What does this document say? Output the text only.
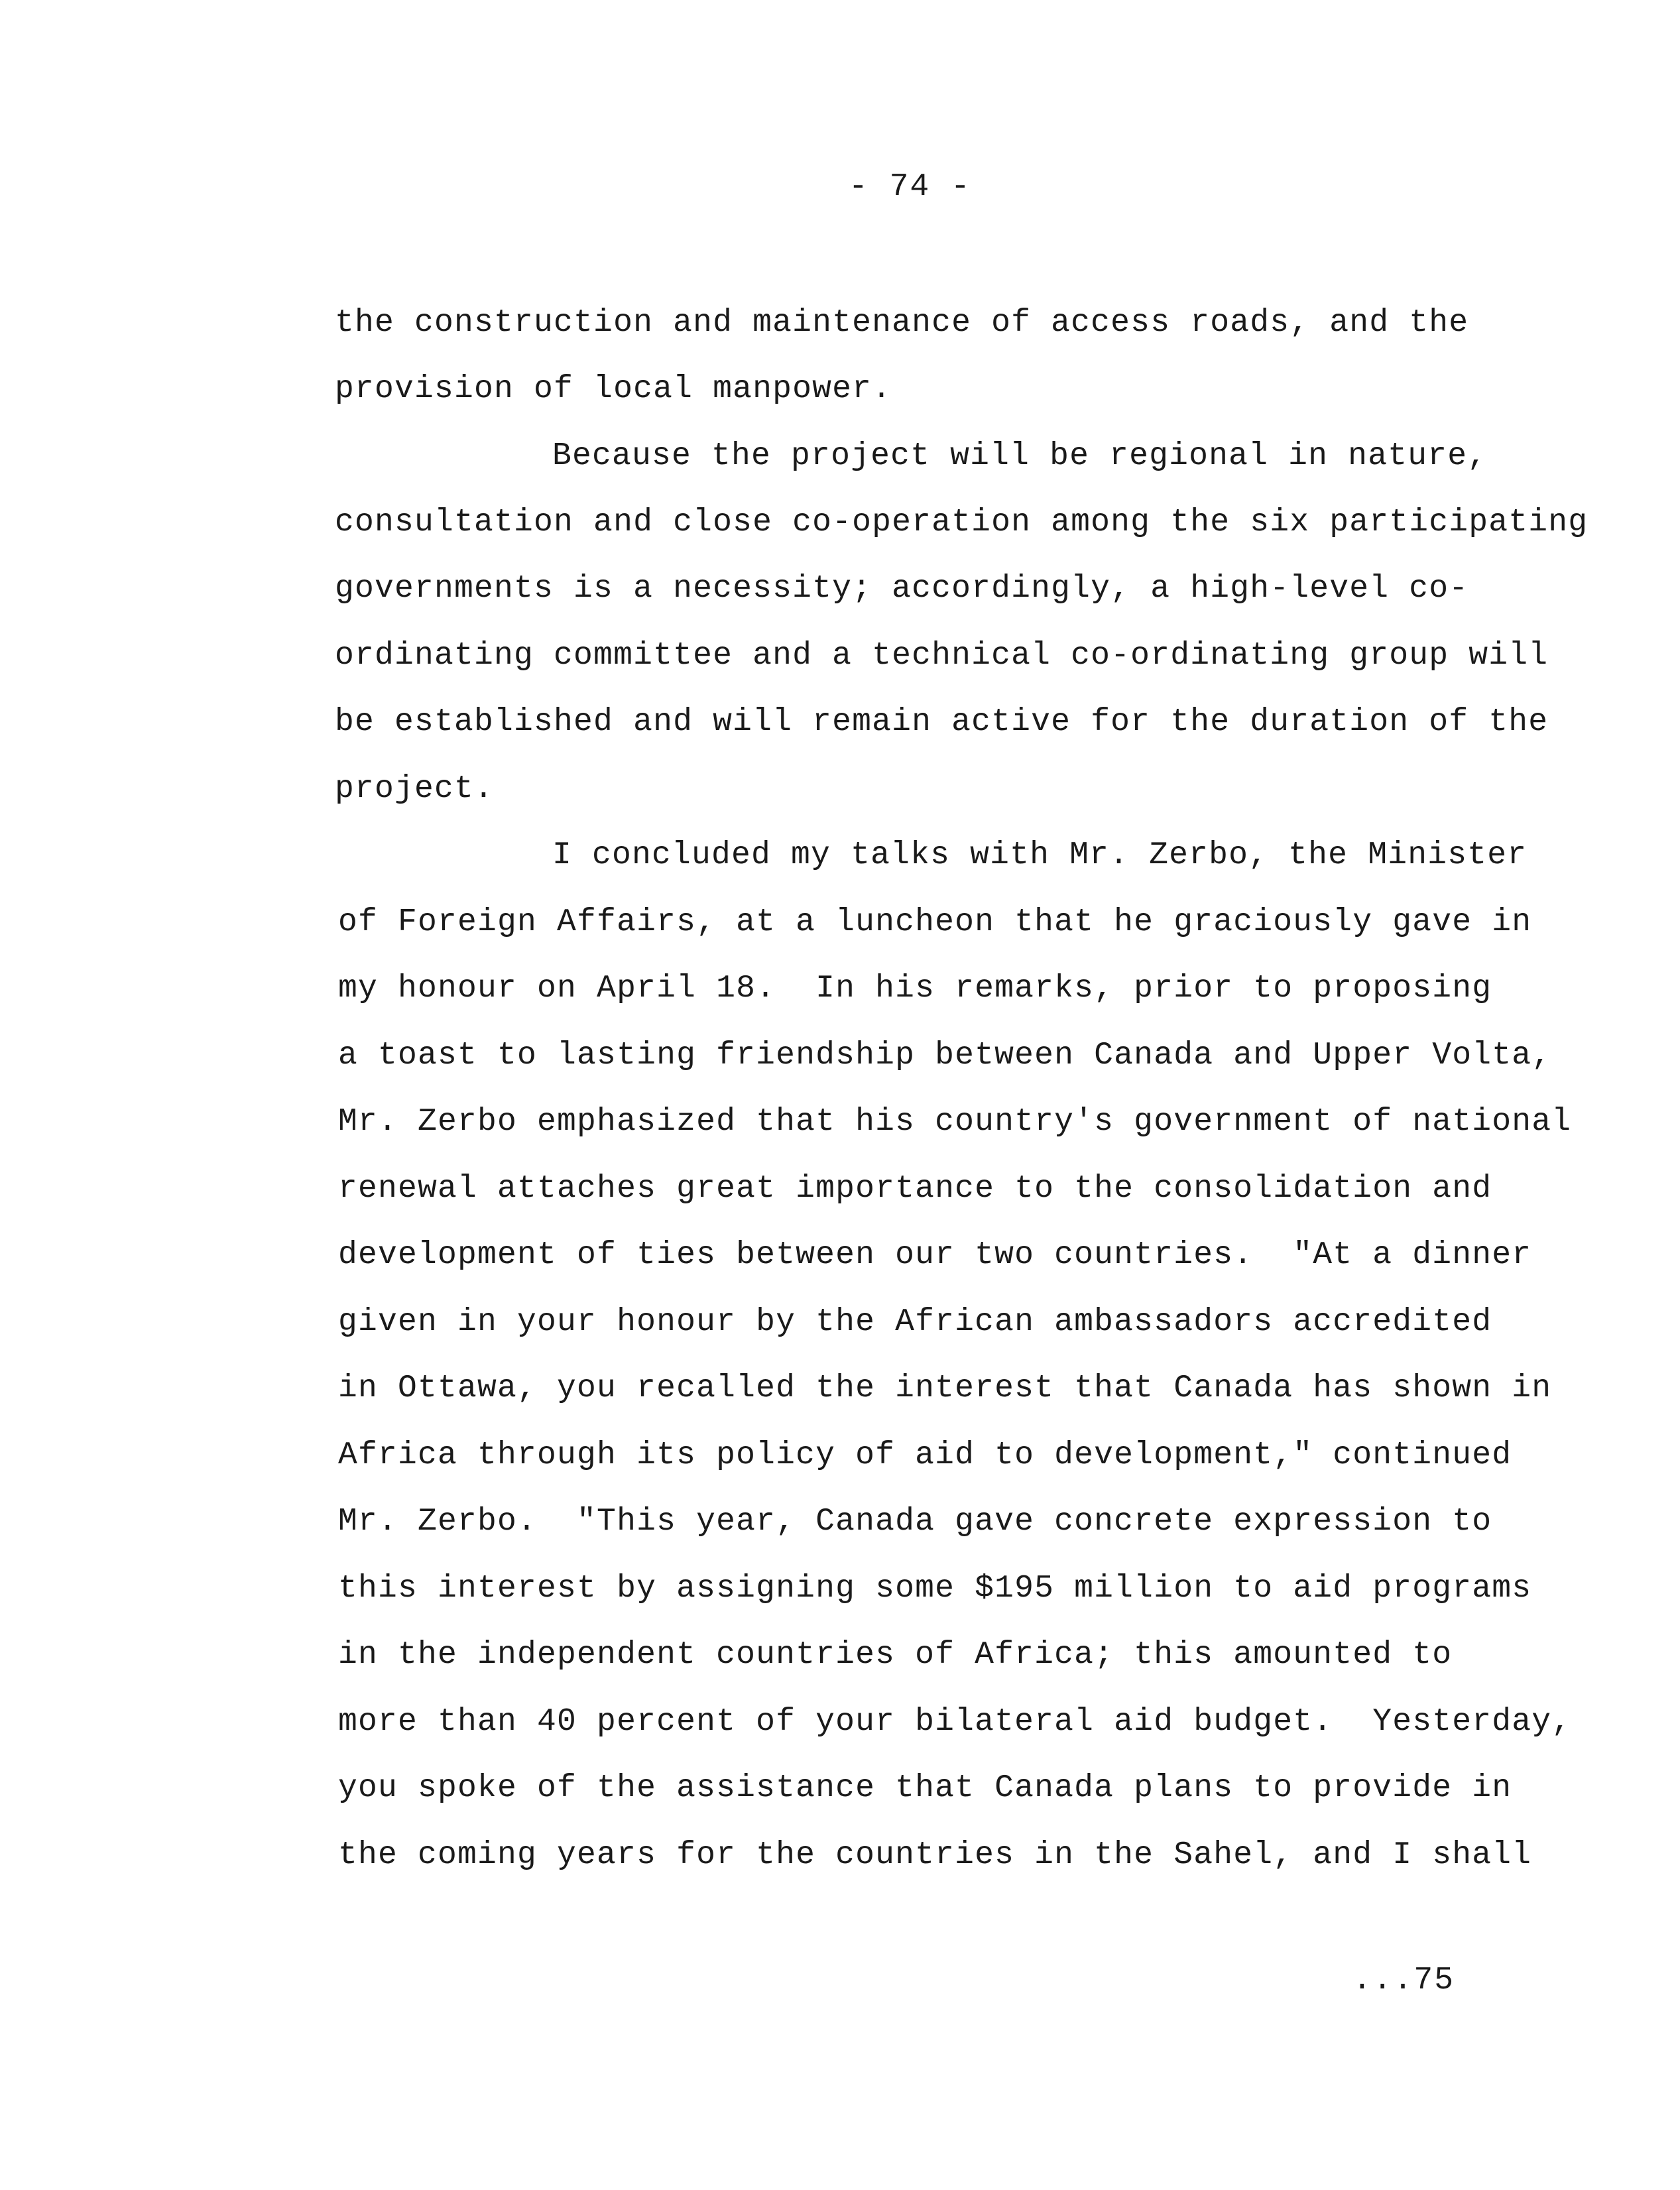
- 74 -
the construction and maintenance of access roads, and the
provision of local manpower.
Because the project will be regional in nature,
consultation and close co-operation among the six participating
governments is a necessity; accordingly, a high-level co-
ordinating committee and a technical co-ordinating group will
be established and will remain active for the duration of the
project.
I concluded my talks with Mr. Zerbo, the Minister
of Foreign Affairs, at a luncheon that he graciously gave in
my honour on April 18.  In his remarks, prior to proposing
a toast to lasting friendship between Canada and Upper Volta,
Mr. Zerbo emphasized that his country's government of national
renewal attaches great importance to the consolidation and
development of ties between our two countries.  "At a dinner
given in your honour by the African ambassadors accredited
in Ottawa, you recalled the interest that Canada has shown in
Africa through its policy of aid to development," continued
Mr. Zerbo.  "This year, Canada gave concrete expression to
this interest by assigning some $195 million to aid programs
in the independent countries of Africa; this amounted to
more than 40 percent of your bilateral aid budget.  Yesterday,
you spoke of the assistance that Canada plans to provide in
the coming years for the countries in the Sahel, and I shall
...75
